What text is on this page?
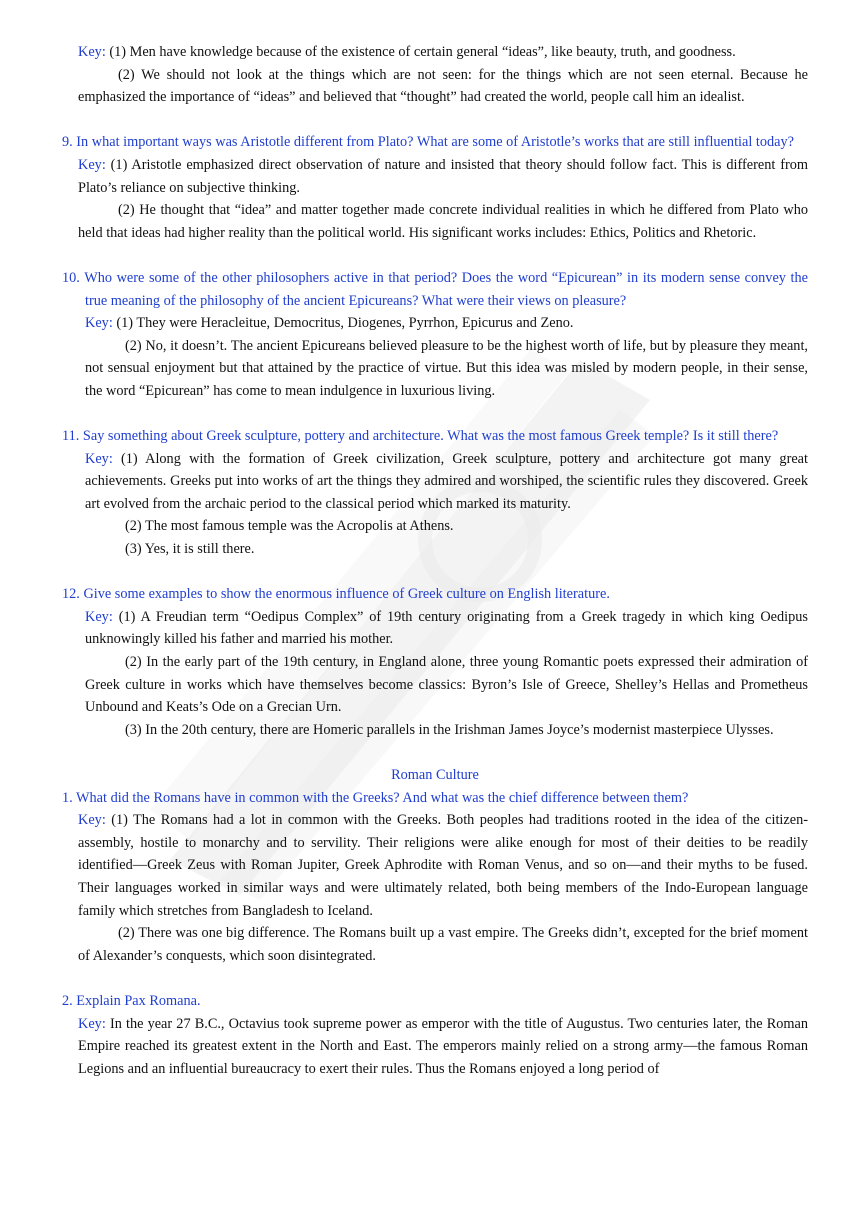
Key: (1) Men have knowledge because of the existence of certain general “ideas”, like beauty, truth, and goodness.

(2) We should not look at the things which are not seen: for the things which are not seen eternal. Because he emphasized the importance of “ideas” and believed that “thought” had created the world, people call him an idealist.

9. In what important ways was Aristotle different from Plato? What are some of Aristotle’s works that are still influential today?

Key: (1) Aristotle emphasized direct observation of nature and insisted that theory should follow fact. This is different from Plato’s reliance on subjective thinking.

(2) He thought that “idea” and matter together made concrete individual realities in which he differed from Plato who held that ideas had higher reality than the political world. His significant works includes: Ethics, Politics and Rhetoric.

10. Who were some of the other philosophers active in that period? Does the word “Epicurean” in its modern sense convey the true meaning of the philosophy of the ancient Epicureans? What were their views on pleasure?

Key: (1) They were Heracleitue, Democritus, Diogenes, Pyrrhon, Epicurus and Zeno.

(2) No, it doesn’t. The ancient Epicureans believed pleasure to be the highest worth of life, but by pleasure they meant, not sensual enjoyment but that attained by the practice of virtue. But this idea was misled by modern people, in their sense, the word “Epicurean” has come to mean indulgence in luxurious living.

11. Say something about Greek sculpture, pottery and architecture. What was the most famous Greek temple? Is it still there?

Key: (1) Along with the formation of Greek civilization, Greek sculpture, pottery and architecture got many great achievements. Greeks put into works of art the things they admired and worshiped, the scientific rules they discovered. Greek art evolved from the archaic period to the classical period which marked its maturity.

(2) The most famous temple was the Acropolis at Athens.

(3) Yes, it is still there.

12. Give some examples to show the enormous influence of Greek culture on English literature.

Key: (1) A Freudian term “Oedipus Complex” of 19th century originating from a Greek tragedy in which king Oedipus unknowingly killed his father and married his mother.

(2) In the early part of the 19th century, in England alone, three young Romantic poets expressed their admiration of Greek culture in works which have themselves become classics: Byron’s Isle of Greece, Shelley’s Hellas and Prometheus Unbound and Keats’s Ode on a Grecian Urn.

(3) In the 20th century, there are Homeric parallels in the Irishman James Joyce’s modernist masterpiece Ulysses.

Roman Culture

1. What did the Romans have in common with the Greeks? And what was the chief difference between them?

Key: (1) The Romans had a lot in common with the Greeks. Both peoples had traditions rooted in the idea of the citizen-assembly, hostile to monarchy and to servility. Their religions were alike enough for most of their deities to be readily identified—Greek Zeus with Roman Jupiter, Greek Aphrodite with Roman Venus, and so on—and their myths to be fused. Their languages worked in similar ways and were ultimately related, both being members of the Indo-European language family which stretches from Bangladesh to Iceland.

(2) There was one big difference. The Romans built up a vast empire. The Greeks didn’t, excepted for the brief moment of Alexander’s conquests, which soon disintegrated.

2. Explain Pax Romana.

Key: In the year 27 B.C., Octavius took supreme power as emperor with the title of Augustus. Two centuries later, the Roman Empire reached its greatest extent in the North and East. The emperors mainly relied on a strong army—the famous Roman Legions and an influential bureaucracy to exert their rules. Thus the Romans enjoyed a long period of
